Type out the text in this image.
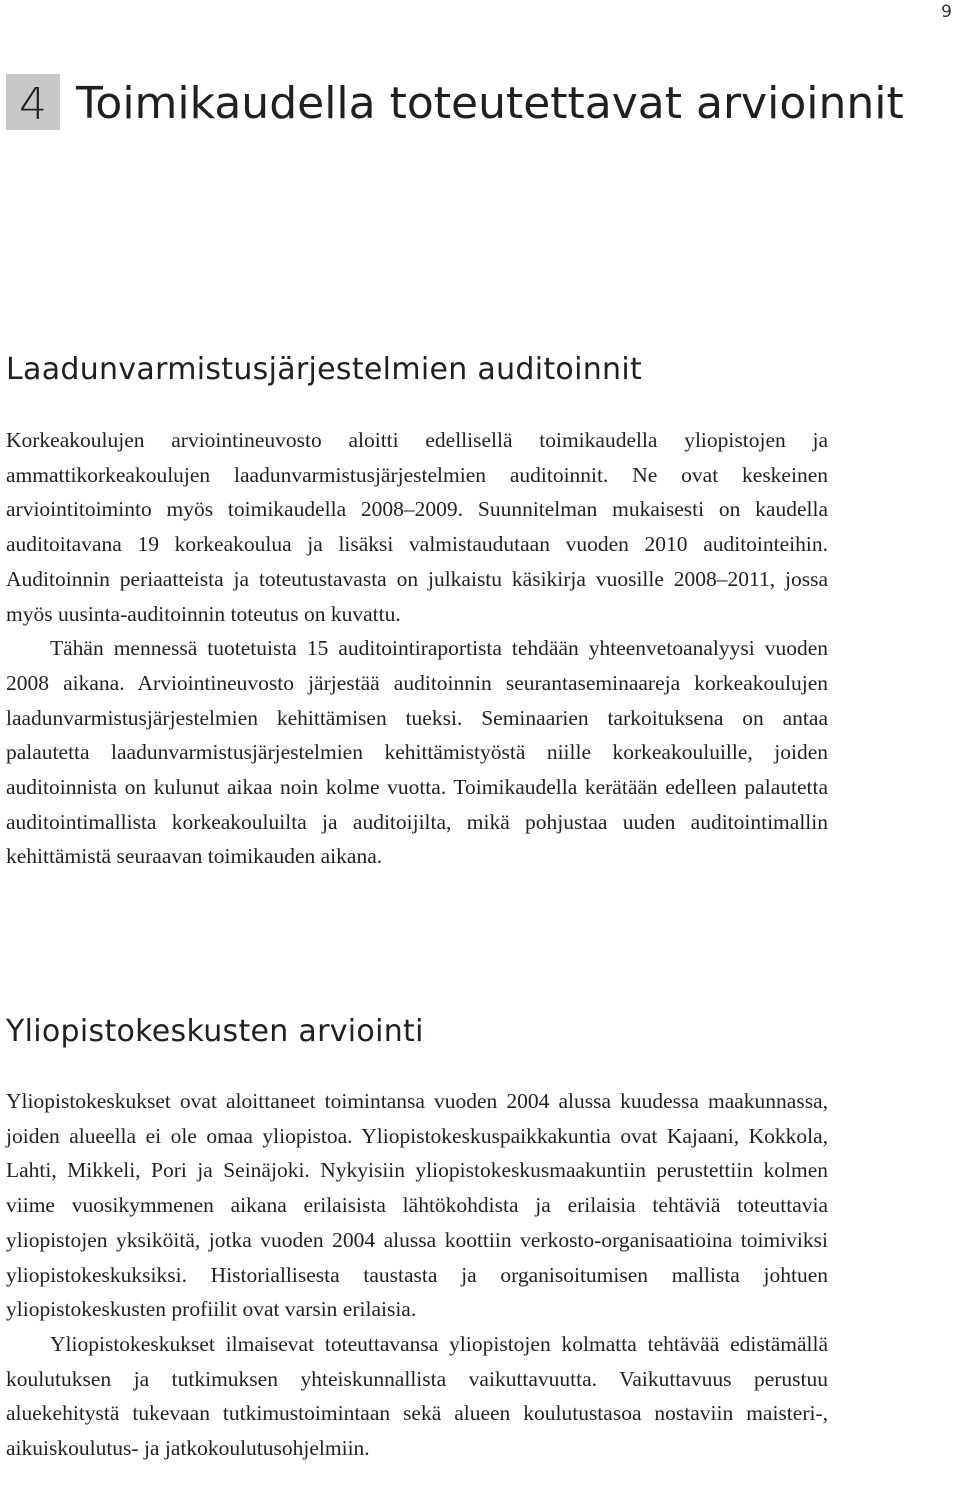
9
4 Toimikaudella toteutettavat arvioinnit
Laadunvarmistusjärjestelmien auditoinnit

Korkeakoulujen arviointineuvosto aloitti edellisellä toimikaudella yliopistojen ja ammattikorkeakoulujen laadunvarmistusjärjestelmien auditoinnit. Ne ovat keskeinen arviointitoiminto myös toimikaudella 2008–2009. Suunnitelman mukaisesti on kaudella auditoitavana 19 korkeakoulua ja lisäksi valmistaudutaan vuoden 2010 auditointeihin. Auditoinnin periaatteista ja toteutustavasta on julkaistu käsikirja vuosille 2008–2011, jossa myös uusinta-auditoinnin toteutus on kuvattu.

Tähän mennessä tuotetuista 15 auditointiraportista tehdään yhteenvetoanalyysi vuoden 2008 aikana. Arviointineuvosto järjestää auditoinnin seurantaseminaareja korkeakoulujen laadunvarmistusjärjestelmien kehittämisen tueksi. Seminaarien tarkoituksena on antaa palautetta laadunvarmistusjärjestelmien kehittämistyöstä niille korkeakouluille, joiden auditoinnista on kulunut aikaa noin kolme vuotta. Toimikaudella kerätään edelleen palautetta auditointimallista korkeakouluilta ja auditoijilta, mikä pohjustaa uuden auditointimallin kehittämistä seuraavan toimikauden aikana.

Yliopistokeskusten arviointi

Yliopistokeskukset ovat aloittaneet toimintansa vuoden 2004 alussa kuudessa maakunnassa, joiden alueella ei ole omaa yliopistoa. Yliopistokeskuspaikkakuntia ovat Kajaani, Kokkola, Lahti, Mikkeli, Pori ja Seinäjoki. Nykyisiin yliopistokeskusmaakuntiin perustettiin kolmen viime vuosikymmenen aikana erilaisista lähtökohdista ja erilaisia tehtäviä toteuttavia yliopistojen yksiköitä, jotka vuoden 2004 alussa koottiin verkosto-organisaatioina toimiviksi yliopistokeskuksiksi. Historiallisesta taustasta ja organisoitumisen mallista johtuen yliopistokeskusten profiilit ovat varsin erilaisia.

Yliopistokeskukset ilmaisevat toteuttavansa yliopistojen kolmatta tehtävää edistämällä koulutuksen ja tutkimuksen yhteiskunnallista vaikuttavuutta. Vaikuttavuus perustuu aluekehitystä tukevaan tutkimustoimintaan sekä alueen koulutustasoa nostaviin maisteri-, aikuiskoulutus- ja jatkokoulutusohjelmiin.
